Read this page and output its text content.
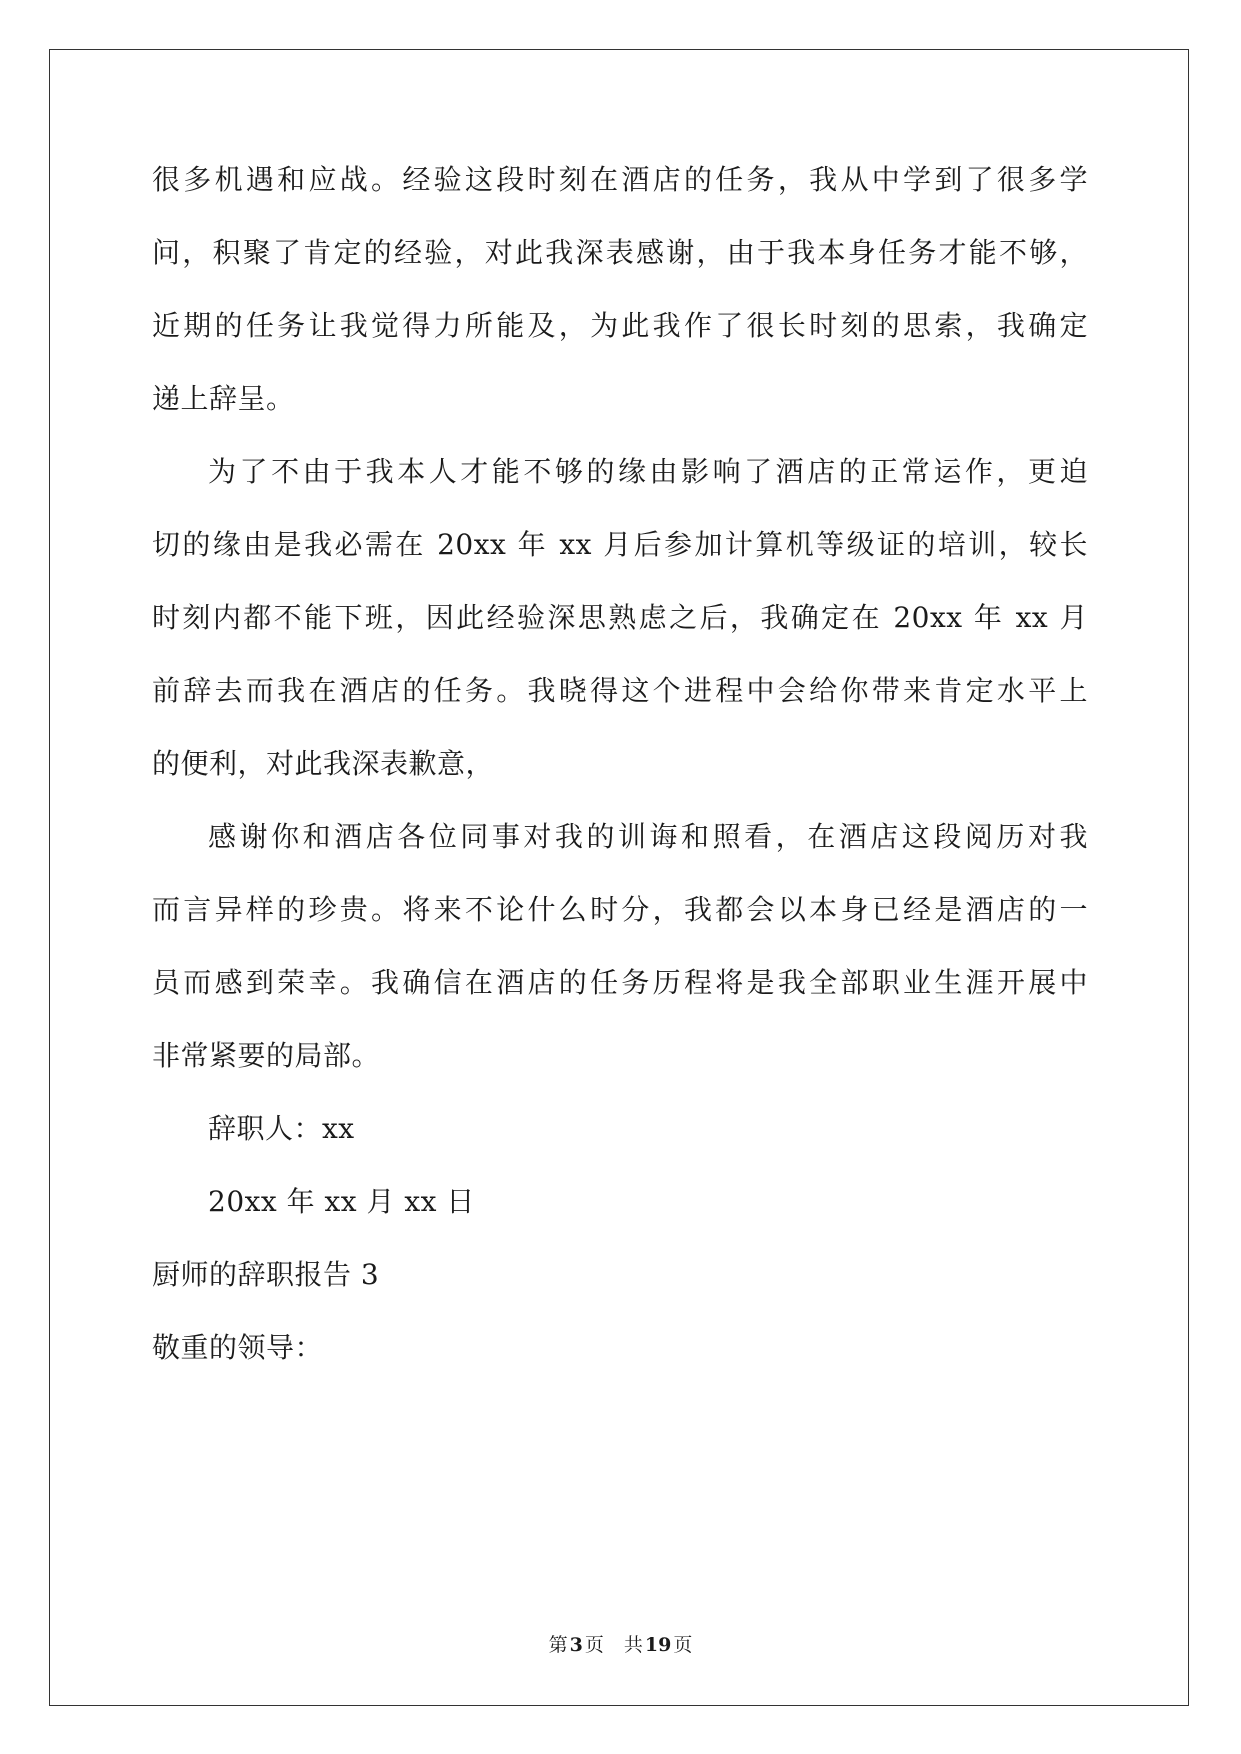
很多机遇和应战。经验这段时刻在酒店的任务，我从中学到了很多学
问，积聚了肯定的经验，对此我深表感谢，由于我本身任务才能不够，
近期的任务让我觉得力所能及，为此我作了很长时刻的思索，我确定
递上辞呈。
为了不由于我本人才能不够的缘由影响了酒店的正常运作，更迫
切的缘由是我必需在 20xx 年 xx 月后参加计算机等级证的培训，较长
时刻内都不能下班，因此经验深思熟虑之后，我确定在 20xx 年 xx 月
前辞去而我在酒店的任务。我晓得这个进程中会给你带来肯定水平上
的便利，对此我深表歉意，
感谢你和酒店各位同事对我的训诲和照看，在酒店这段阅历对我
而言异样的珍贵。将来不论什么时分，我都会以本身已经是酒店的一
员而感到荣幸。我确信在酒店的任务历程将是我全部职业生涯开展中
非常紧要的局部。
辞职人：xx
20xx 年 xx 月 xx 日
厨师的辞职报告 3
敬重的领导：
第 3 页 共 19 页
